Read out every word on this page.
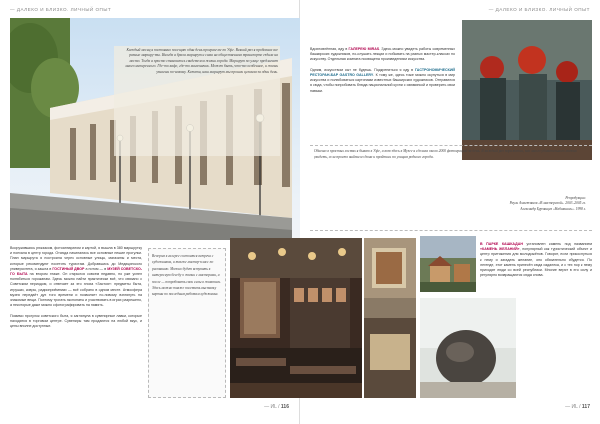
— ДАЛЕКО И БЛИЗКО. ЛИЧНЫЙ ОПЫТ
Вооружившись рюкзаком, фотоаппаратом и картой, я вышла в 380 маршрутку и поехала в центр города. Отсюда начинались все основные пешие прогулки. План маршрута я построила через основные улицы, магазины и места, которые рекомендуют посетить туристам. Добравшись до Медицинского университета, я зашла в ГОСТИНЫЙ ДВОР а потом — в МУЗЕЙ СОВЕТСКО-ГО БЫТА на втором этаже. Он открылся совсем недавно, но уже успел полюбиться горожанам. Здесь можно найти практически всё, что связано с Советским периодом, и отвечает за это эпоха «Застоя»: предметы быта, игрушки, ковры, радиоприёмники — всё собрано в одном месте. Атмосфера музея передаёт дух того времени и позволяет по-новому взглянуть на знакомые вещи. Поэтому трогать экспонаты и участвовать в играх разрешено, а некоторые даже можно сфотографировать на память.

Помимо прогулок советского быта, я заглянула в сувенирные лавки, которые находятся в торговом центре. Сувениры там продаются на любой вкус, и цены вполне доступные.
— ИL / 116
— ДАЛЕКО И БЛИЗКО. ЛИЧНЫЙ ОПЫТ
— ИL / 117
Каждый месяц я постоянно посещаю один день програм-ме по Уфе. Всякий раз я пробовала все разные маршру-ты. Иногда я брала маршрут и сама на общественном транспорте ездила на место. Тогда я просто становлюсь свидетелем жизни города. Маршрут по улице предлагает много интересного. Где-то кафе, где-то магазинчик. Может быть, что-то особенное, и жизнь узнаешь по-новому. Кстати, наш маршрут мы прошли целиком за один день.
Вдохновлённая, иду в ГАЛЕРЕЮ MIRAS. Здесь можно увидеть работы современных башкирских художников, по-слушать лекции и побывать на разных мастер-классах по искусству. Отдельная комната посвящена произведениям искусства.

Одним, искусством сыт не будешь. Подкрепиться я иду в ГАСТРОНОМИЧЕСКИЙ РЕСТОРАН-БАР GASTRO GALLERY. К тому же, здесь тоже можно окунуться в мир искусства и полюбоваться картинами известных башкирских художников. Отправился я сюда, чтобы попробовать блюда национальной кухни с изюминкой и проверить свои навыки.
Обычно в простых гостях я бываю в Уфе, а вот здесь в Музее я сделала около 2000 фотографий за день. Я каждый раз поражаюсь, как много удивительного можно увидеть, если просто выйти из дома и пройтись по улицам родного города.
Репродукции:
Рауль Ахметзянов «В мастерской». 2003–2005 гг.
Александр Бурзянцев «Набившись». 1998 г.
Вечером в галерее состоится встреча с художником, а также мастер-класс по рисованию. Можно будет вступить в интересную беседу о жизни с мастерами, а после — попробовать свои силы в живописи. Здесь можно также посетить выставку картин по последним работам художника.
В ПАРКЕ КАШКАДАН установлен камень под названием «КАМЕНЬ ЖЕЛАНИЙ», популярный как туристический объект и центр притяжения для молодожёнов. Говорят, если прикоснуться к нему и загадать желание, оно обязательно сбудется. По легенде, этот камень принесён сюда издалека, и с тех пор к нему приходят люди со всей республики. Многие верят в его силу и регулярно возвращаются сюда снова.
